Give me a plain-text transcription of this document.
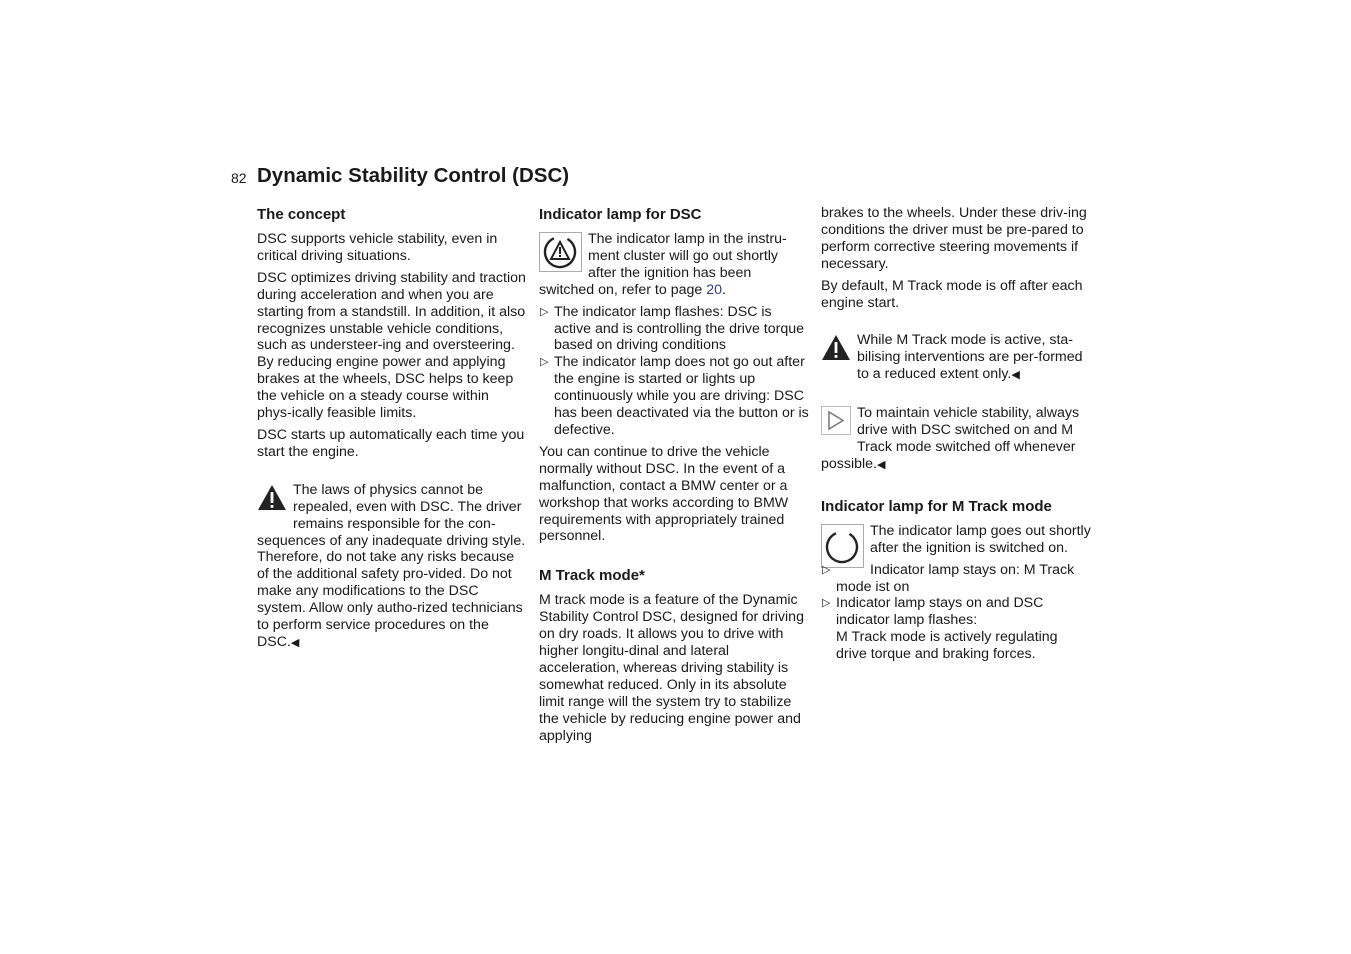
82 Dynamic Stability Control (DSC)
The concept

DSC supports vehicle stability, even in critical driving situations.

DSC optimizes driving stability and traction during acceleration and when you are starting from a standstill. In addition, it also recognizes unstable vehicle conditions, such as understeer-ing and oversteering. By reducing engine power and applying brakes at the wheels, DSC helps to keep the vehicle on a steady course within phys-ically feasible limits.

DSC starts up automatically each time you start the engine.

The laws of physics cannot be repealed, even with DSC. The driver remains responsible for the con-sequences of any inadequate driving style. Therefore, do not take any risks because of the additional safety pro-vided. Do not make any modifications to the DSC system. Allow only autho-rized technicians to perform service procedures on the DSC.◀
Indicator lamp for DSC
The indicator lamp in the instru-ment cluster will go out shortly after the ignition has been switched on, refer to page 20.
▷ The indicator lamp flashes: DSC is active and is controlling the drive torque based on driving conditions
▷ The indicator lamp does not go out after the engine is started or lights up continuously while you are driving: DSC has been deactivated via the button or is defective.

You can continue to drive the vehicle normally without DSC. In the event of a malfunction, contact a BMW center or a workshop that works according to BMW requirements with appropriately trained personnel.

M Track mode*

M track mode is a feature of the Dynamic Stability Control DSC, designed for driving on dry roads. It allows you to drive with higher longitu-dinal and lateral acceleration, whereas driving stability is somewhat reduced. Only in its absolute limit range will the system try to stabilize the vehicle by reducing engine power and applying

brakes to the wheels. Under these driv-ing conditions the driver must be pre-pared to perform corrective steering movements if necessary.

By default, M Track mode is off after each engine start.

While M Track mode is active, sta-bilising interventions are per-formed to a reduced extent only.◀
To maintain vehicle stability, always drive with DSC switched on and M Track mode switched off whenever possible.◀
Indicator lamp for M Track mode
The indicator lamp goes out shortly after the ignition is switched on.
▷	Indicator lamp stays on: M Track mode ist on
▷ Indicator lamp stays on and DSC indicator lamp flashes:
M Track mode is actively regulating drive torque and braking forces.
